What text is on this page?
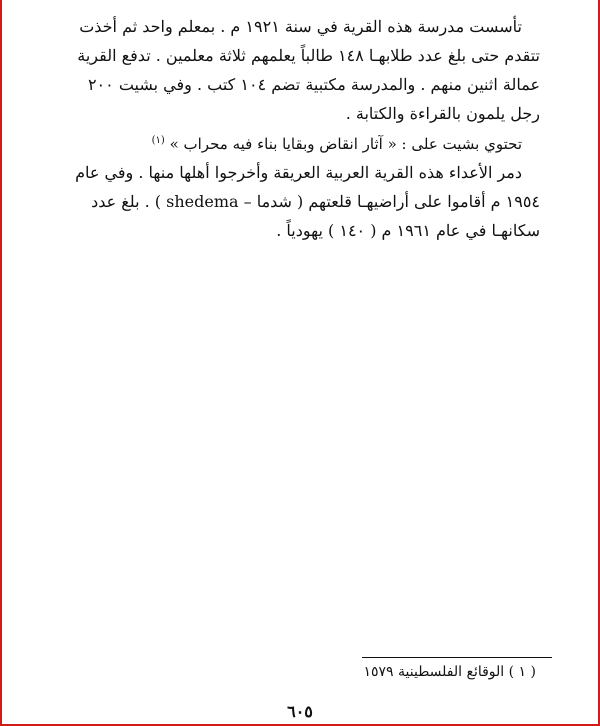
تأسست مدرسة هذه القرية في سنة ١٩٢١ م . بمعلم واحد ثم أخذت
تتقدم حتى بلغ عدد طلابهـا ١٤٨ طالباً يعلمهم ثلاثة معلمين . تدفع القرية
عمالة اثنين منهم . والمدرسة مكتبية تضم ١٠٤ كتب . وفي بشيت ٢٠٠
رجل يلمون بالقراءة والكتابة .

تحتوي بشيت على : « آثار انقاض وبقايا بناء فيه محراب » $^{(١)}$

دمر الأعداء هذه القرية العربية العريقة وأخرجوا أهلها منها . وفي عام
١٩٥٤ م أقاموا على أراضيهـا قلعتهم ( شدما – shedema ) . بلغ عدد
سكانهـا في عام ١٩٦١ م ( ١٤٠ ) يهودياً .

( ١ ) الوقائع الفلسطينية ١٥٧٩

٦٠٥
